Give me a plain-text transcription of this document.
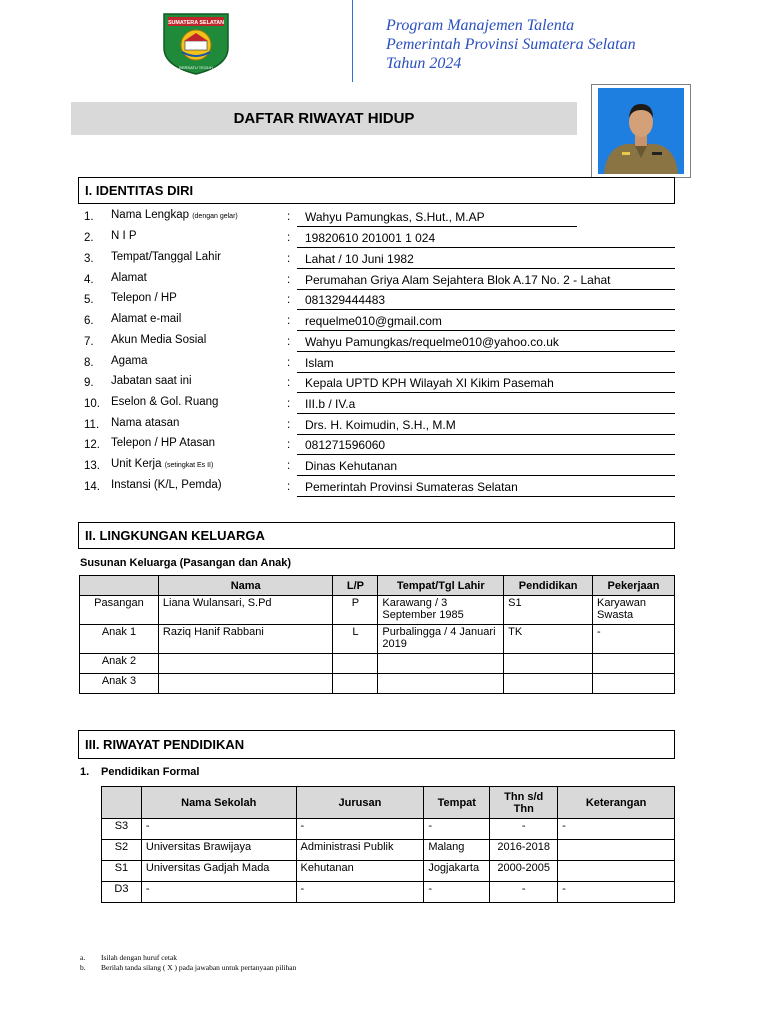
SUMATERA SELATAN
BERSATU TEGUH
Program Manajemen Talenta
Pemerintah Provinsi Sumatera Selatan
Tahun 2024
DAFTAR RIWAYAT HIDUP
I. IDENTITAS DIRI
1.	Nama Lengkap (dengan gelar)	:	Wahyu Pamungkas, S.Hut., M.AP
2.	N I P	:	19820610 201001 1 024
3.	Tempat/Tanggal Lahir	:	Lahat / 10 Juni 1982
4.	Alamat	:	Perumahan Griya Alam Sejahtera Blok A.17 No. 2 - Lahat
5.	Telepon / HP	:	081329444483
6.	Alamat e-mail	:	requelme010@gmail.com
7.	Akun Media Sosial	:	Wahyu Pamungkas/requelme010@yahoo.co.uk
8.	Agama	:	Islam
9.	Jabatan saat ini	:	Kepala UPTD KPH Wilayah XI Kikim Pasemah
10. Eselon & Gol. Ruang	:	III.b / IV.a
11.	Nama atasan	:	Drs. H. Koimudin, S.H., M.M
12. Telepon / HP Atasan	:	081271596060
13. Unit Kerja (setingkat Es II)	:	Dinas Kehutanan
14. Instansi (K/L, Pemda)	:	Pemerintah Provinsi Sumateras Selatan
II. LINGKUNGAN KELUARGA
Susunan Keluarga (Pasangan dan Anak)
	Nama	L/P	Tempat/Tgl Lahir	Pendidikan	Pekerjaan
Pasangan	Liana Wulansari, S.Pd	P	Karawang / 3 September 1985	S1	Karyawan Swasta
Anak 1	Raziq Hanif Rabbani	L	Purbalingga / 4 Januari 2019	TK	-
Anak 2					
Anak 3					
III. RIWAYAT PENDIDIKAN
1. Pendidikan Formal
	Nama Sekolah	Jurusan	Tempat	Thn s/d Thn	Keterangan
S3	-	-	-	-	-
S2	Universitas Brawijaya	Administrasi Publik	Malang	2016-2018	
S1	Universitas Gadjah Mada	Kehutanan	Jogjakarta	2000-2005	
D3	-	-	-	-	-
a. Isilah dengan huruf cetak
b. Berilah tanda silang ( X ) pada jawaban untuk pertanyaan pilihan
